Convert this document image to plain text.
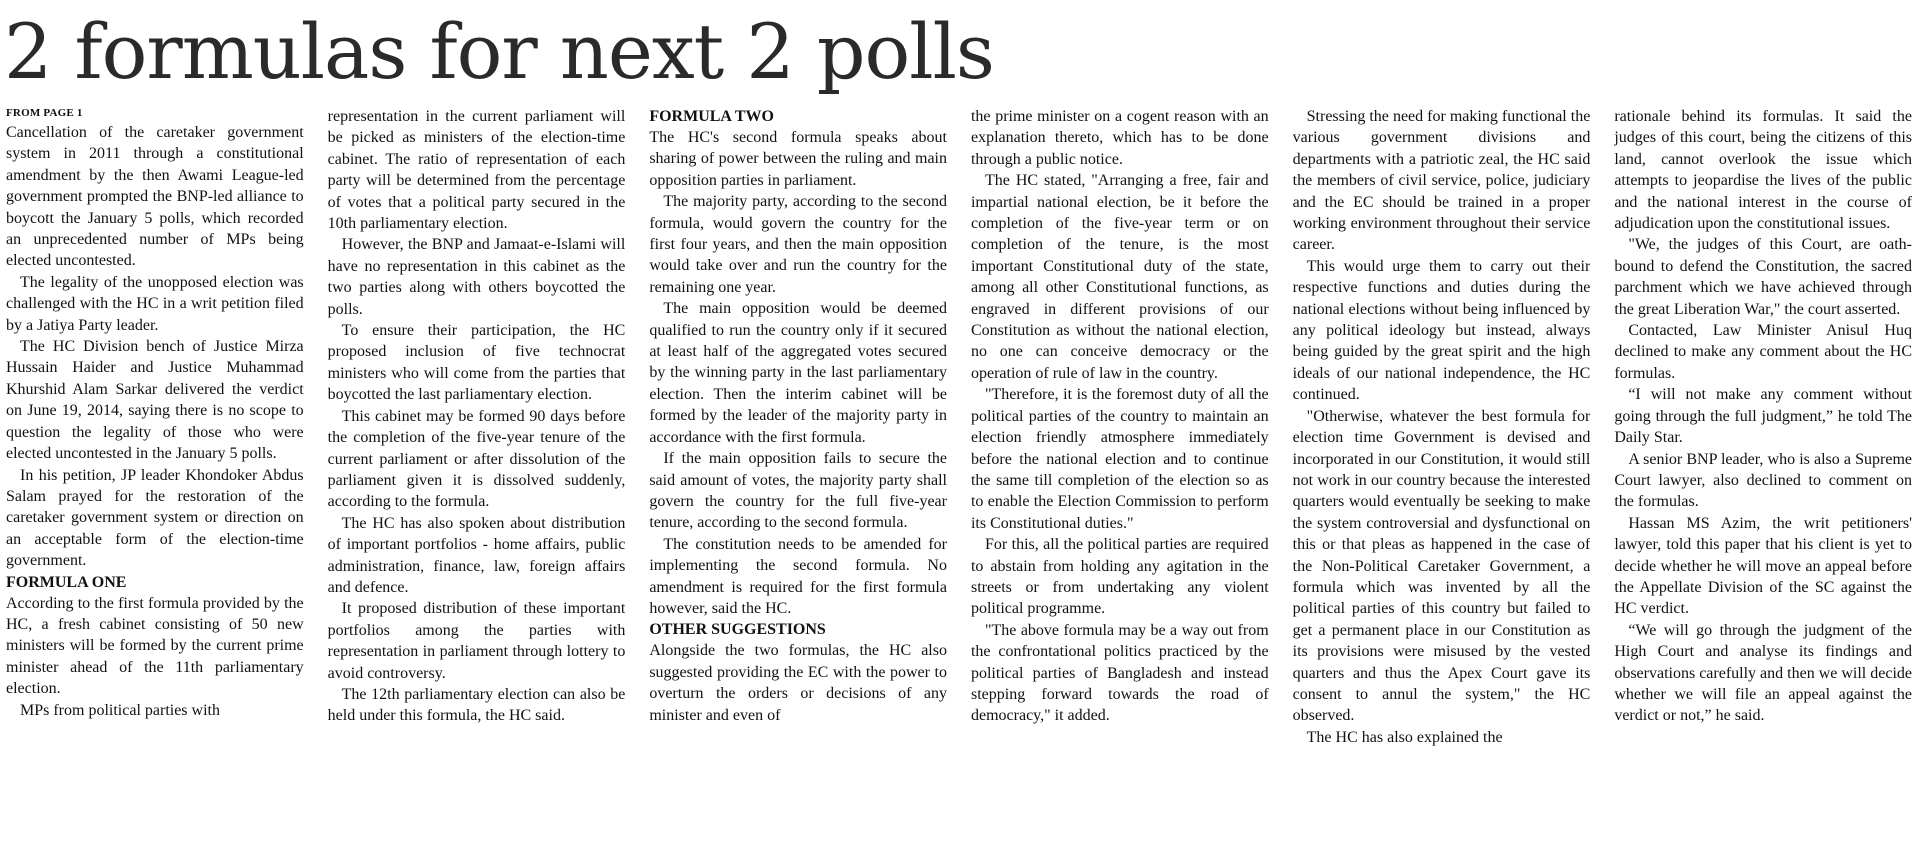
2 formulas for next 2 polls
FROM PAGE 1

Cancellation of the caretaker government system in 2011 through a constitutional amendment by the then Awami League-led government prompted the BNP-led alliance to boycott the January 5 polls, which recorded an unprecedented number of MPs being elected uncontested.

The legality of the unopposed election was challenged with the HC in a writ petition filed by a Jatiya Party leader.

The HC Division bench of Justice Mirza Hussain Haider and Justice Muhammad Khurshid Alam Sarkar delivered the verdict on June 19, 2014, saying there is no scope to question the legality of those who were elected uncontested in the January 5 polls.

In his petition, JP leader Khondoker Abdus Salam prayed for the restoration of the caretaker government system or direction on an acceptable form of the election-time government.

FORMULA ONE

According to the first formula provided by the HC, a fresh cabinet consisting of 50 new ministers will be formed by the current prime minister ahead of the 11th parliamentary election.

MPs from political parties with

representation in the current parliament will be picked as ministers of the election-time cabinet. The ratio of representation of each party will be determined from the percentage of votes that a political party secured in the 10th parliamentary election.

However, the BNP and Jamaat-e-Islami will have no representation in this cabinet as the two parties along with others boycotted the polls.

To ensure their participation, the HC proposed inclusion of five technocrat ministers who will come from the parties that boycotted the last parliamentary election.

This cabinet may be formed 90 days before the completion of the five-year tenure of the current parliament or after dissolution of the parliament given it is dissolved suddenly, according to the formula.

The HC has also spoken about distribution of important portfolios - home affairs, public administration, finance, law, foreign affairs and defence.

It proposed distribution of these important portfolios among the parties with representation in parliament through lottery to avoid controversy.

The 12th parliamentary election can also be held under this formula, the HC said.

FORMULA TWO

The HC's second formula speaks about sharing of power between the ruling and main opposition parties in parliament.

The majority party, according to the second formula, would govern the country for the first four years, and then the main opposition would take over and run the country for the remaining one year.

The main opposition would be deemed qualified to run the country only if it secured at least half of the aggregated votes secured by the winning party in the last parliamentary election. Then the interim cabinet will be formed by the leader of the majority party in accordance with the first formula.

If the main opposition fails to secure the said amount of votes, the majority party shall govern the country for the full five-year tenure, according to the second formula.

The constitution needs to be amended for implementing the second formula. No amendment is required for the first formula however, said the HC.

OTHER SUGGESTIONS

Alongside the two formulas, the HC also suggested providing the EC with the power to overturn the orders or decisions of any minister and even of

the prime minister on a cogent reason with an explanation thereto, which has to be done through a public notice.

The HC stated, "Arranging a free, fair and impartial national election, be it before the completion of the five-year term or on completion of the tenure, is the most important Constitutional duty of the state, among all other Constitutional functions, as engraved in different provisions of our Constitution as without the national election, no one can conceive democracy or the operation of rule of law in the country.

"Therefore, it is the foremost duty of all the political parties of the country to maintain an election friendly atmosphere immediately before the national election and to continue the same till completion of the election so as to enable the Election Commission to perform its Constitutional duties."

For this, all the political parties are required to abstain from holding any agitation in the streets or from undertaking any violent political programme.

"The above formula may be a way out from the confrontational politics practiced by the political parties of Bangladesh and instead stepping forward towards the road of democracy," it added.

Stressing the need for making functional the various government divisions and departments with a patriotic zeal, the HC said the members of civil service, police, judiciary and the EC should be trained in a proper working environment throughout their service career.

This would urge them to carry out their respective functions and duties during the national elections without being influenced by any political ideology but instead, always being guided by the great spirit and the high ideals of our national independence, the HC continued.

"Otherwise, whatever the best formula for election time Government is devised and incorporated in our Constitution, it would still not work in our country because the interested quarters would eventually be seeking to make the system controversial and dysfunctional on this or that pleas as happened in the case of the Non-Political Caretaker Government, a formula which was invented by all the political parties of this country but failed to get a permanent place in our Constitution as its provisions were misused by the vested quarters and thus the Apex Court gave its consent to annul the system," the HC observed.

The HC has also explained the

rationale behind its formulas. It said the judges of this court, being the citizens of this land, cannot overlook the issue which attempts to jeopardise the lives of the public and the national interest in the course of adjudication upon the constitutional issues.

"We, the judges of this Court, are oath-bound to defend the Constitution, the sacred parchment which we have achieved through the great Liberation War," the court asserted.

Contacted, Law Minister Anisul Huq declined to make any comment about the HC formulas.

“I will not make any comment without going through the full judgment,” he told The Daily Star.

A senior BNP leader, who is also a Supreme Court lawyer, also declined to comment on the formulas.

Hassan MS Azim, the writ petitioners' lawyer, told this paper that his client is yet to decide whether he will move an appeal before the Appellate Division of the SC against the HC verdict.

“We will go through the judgment of the High Court and analyse its findings and observations carefully and then we will decide whether we will file an appeal against the verdict or not,” he said.
